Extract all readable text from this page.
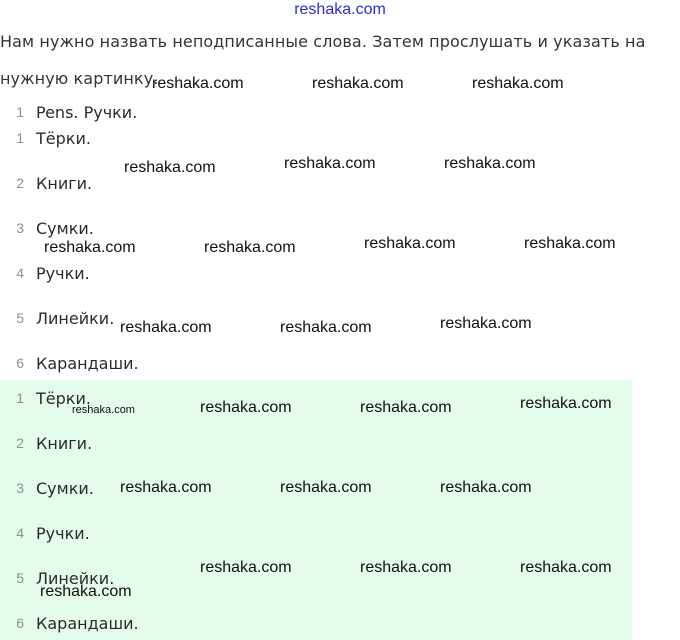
reshaka.com
Нам нужно назвать неподписанные слова. Затем прослушать и указать на
нужную картинку.
1 Pens. Ручки.
1 Тёрки.
2 Книги.
3 Сумки.
4 Ручки.
5 Линейки.
6 Карандаши.
1 Тёрки.
2 Книги.
3 Сумки.
4 Ручки.
5 Линейки.
6 Карандаши.
reshaka.com	reshaka.com	reshaka.com
reshaka.com	reshaka.com	reshaka.com
reshaka.com	reshaka.com	reshaka.com	reshaka.com
reshaka.com	reshaka.com	reshaka.com
reshaka.com	reshaka.com	reshaka.com	reshaka.com
reshaka.com	reshaka.com	reshaka.com
reshaka.com	reshaka.com	reshaka.com
reshaka.com
